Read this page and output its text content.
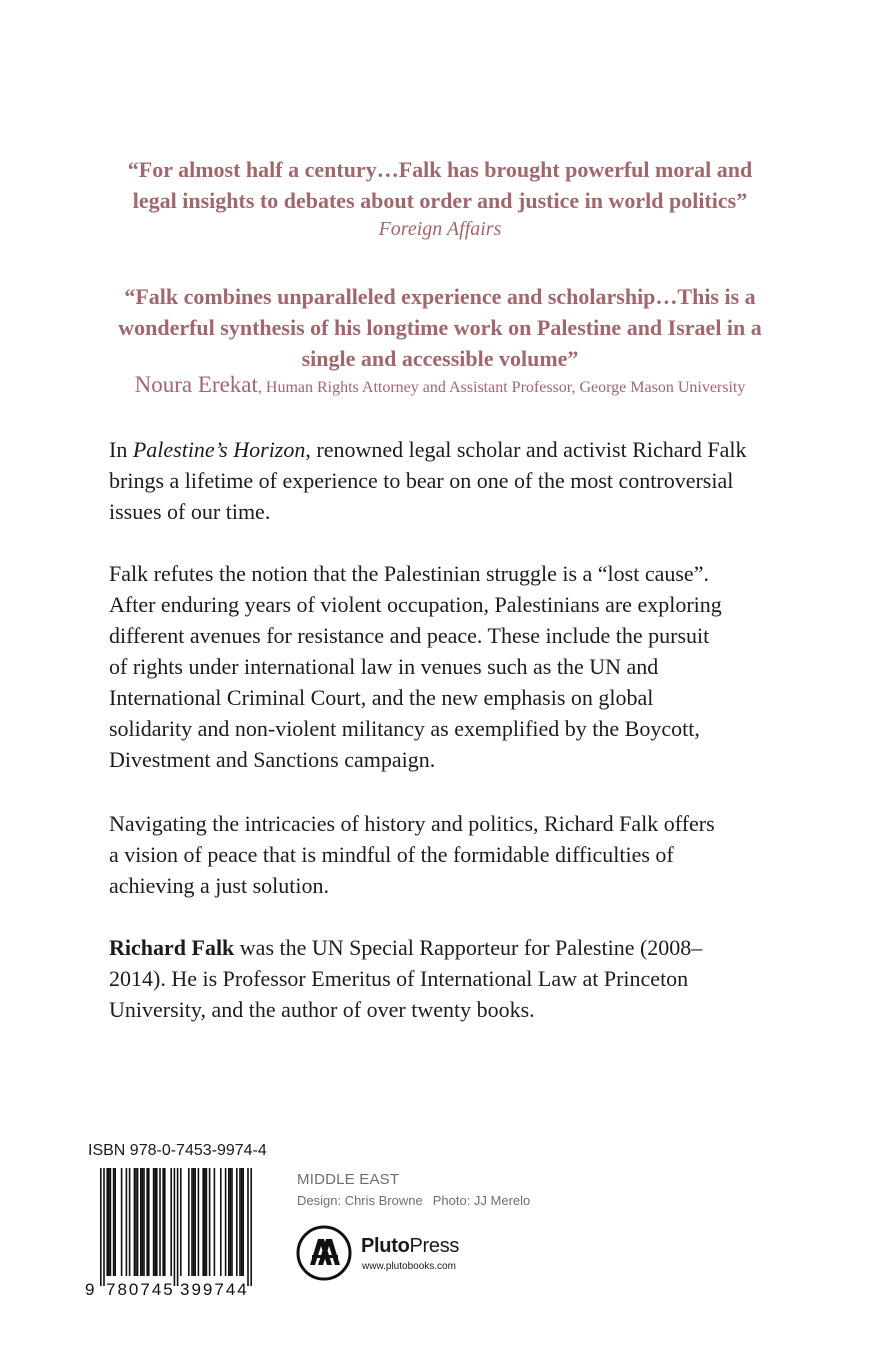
“For almost half a century…Falk has brought powerful moral and
legal insights to debates about order and justice in world politics”
Foreign Affairs
“Falk combines unparalleled experience and scholarship…This is a
wonderful synthesis of his longtime work on Palestine and Israel in a
single and accessible volume”
Noura Erekat, Human Rights Attorney and Assistant Professor, George Mason University
In Palestine’s Horizon, renowned legal scholar and activist Richard Falk
brings a lifetime of experience to bear on one of the most controversial
issues of our time.
Falk refutes the notion that the Palestinian struggle is a “lost cause”.
After enduring years of violent occupation, Palestinians are exploring
different avenues for resistance and peace. These include the pursuit
of rights under international law in venues such as the UN and
International Criminal Court, and the new emphasis on global
solidarity and non-violent militancy as exemplified by the Boycott,
Divestment and Sanctions campaign.
Navigating the intricacies of history and politics, Richard Falk offers
a vision of peace that is mindful of the formidable difficulties of
achieving a just solution.
Richard Falk was the UN Special Rapporteur for Palestine (2008–
2014). He is Professor Emeritus of International Law at Princeton
University, and the author of over twenty books.
ISBN 978-0-7453-9974-4
9 780745 399744
MIDDLE EAST
Design: Chris Browne Photo: JJ Merelo
PlutoPress
www.plutobooks.com
